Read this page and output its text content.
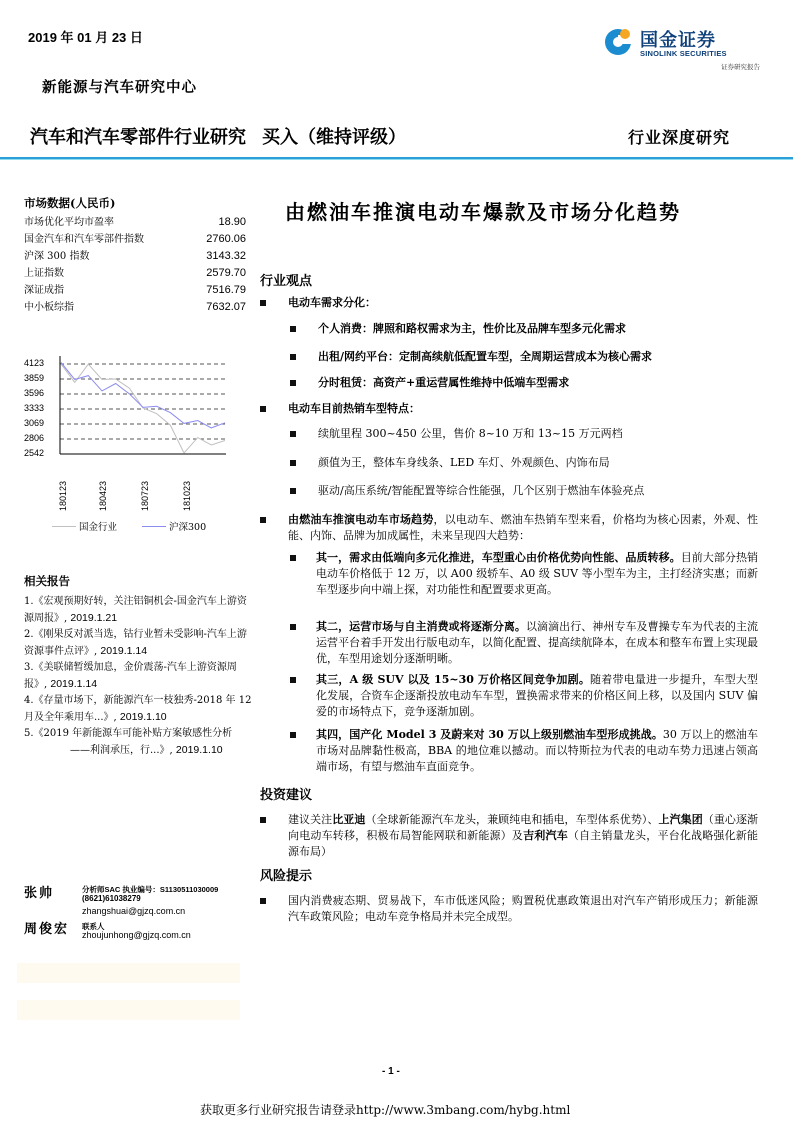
2019 年 01 月 23 日
新能源与汽车研究中心
汽车和汽车零部件行业研究 买入（维持评级）	行业深度研究
国金证券
SINOLINK SECURITIES
证券研究报告
市场数据(人民币)
市场优化平均市盈率	18.90
国金汽车和汽车零部件指数	2760.06
沪深 300 指数	3143.32
上证指数	2579.70
深证成指	7516.79
中小板综指	7632.07
4123
3859
3596
3333
3069
2806
2542
180123	180423	180723	181023
国金行业	沪深300
相关报告
1.《宏观预期好转，关注铝铜机会-国金汽车上游资源周报》, 2019.1.21
2.《刚果反对派当选，钴行业暂未受影响-汽车上游资源事件点评》, 2019.1.14
3.《美联储暂缓加息，金价震荡-汽车上游资源周报》, 2019.1.14
4.《存量市场下，新能源汽车一枝独秀-2018 年 12 月及全年乘用车...》, 2019.1.10
5.《2019 年新能源车可能补贴方案敏感性分析
——利润承压，行...》, 2019.1.10
张帅	分析师SAC 执业编号：S1130511030009
(8621)61038279
zhangshuai@gjzq.com.cn
周俊宏 联系人
zhoujunhong@gjzq.com.cn
由燃油车推演电动车爆款及市场分化趋势
行业观点
电动车需求分化：
个人消费：牌照和路权需求为主，性价比及品牌车型多元化需求
出租/网约平台：定制高续航低配置车型，全周期运营成本为核心需求
分时租赁：高资产+重运营属性维持中低端车型需求
电动车目前热销车型特点：
续航里程 300~450 公里，售价 8~10 万和 13~15 万元两档
颜值为王，整体车身线条、LED 车灯、外观颜色、内饰布局
驱动/高压系统/智能配置等综合性能强，几个区别于燃油车体验亮点
由燃油车推演电动车市场趋势，以电动车、燃油车热销车型来看，价格均为核心因素，外观、性能、内饰、品牌为加成属性，未来呈现四大趋势：
其一，需求由低端向多元化推进，车型重心由价格优势向性能、品质转移。目前大部分热销电动车价格低于 12 万，以 A00 级轿车、A0 级 SUV 等小型车为主，主打经济实惠；而新车型逐步向中端上探，对功能性和配置要求更高。
其二，运营市场与自主消费或将逐渐分离。以滴滴出行、神州专车及曹操专车为代表的主流运营平台着手开发出行版电动车，以简化配置、提高续航降本，在成本和整车布置上实现最优，车型用途划分逐渐明晰。
其三，A 级 SUV 以及 15~30 万价格区间竞争加剧。随着带电量进一步提升，车型大型化发展，合资车企逐渐投放电动车车型，置换需求带来的价格区间上移，以及国内 SUV 偏爱的市场特点下，竞争逐渐加剧。
其四，国产化 Model 3 及蔚来对 30 万以上级别燃油车型形成挑战。30 万以上的燃油车市场对品牌黏性极高，BBA 的地位难以撼动。而以特斯拉为代表的电动车势力迅速占领高端市场，有望与燃油车直面竞争。
投资建议
建议关注比亚迪（全球新能源汽车龙头，兼顾纯电和插电，车型体系优势）、上汽集团（重心逐渐向电动车转移，积极布局智能网联和新能源）及吉利汽车（自主销量龙头，平台化战略强化新能源布局）
风险提示
国内消费疲态期、贸易战下，车市低迷风险；购置税优惠政策退出对汽车产销形成压力；新能源汽车政策风险；电动车竞争格局并未完全成型。
- 1 -
获取更多行业研究报告请登录http://www.3mbang.com/hybg.html
